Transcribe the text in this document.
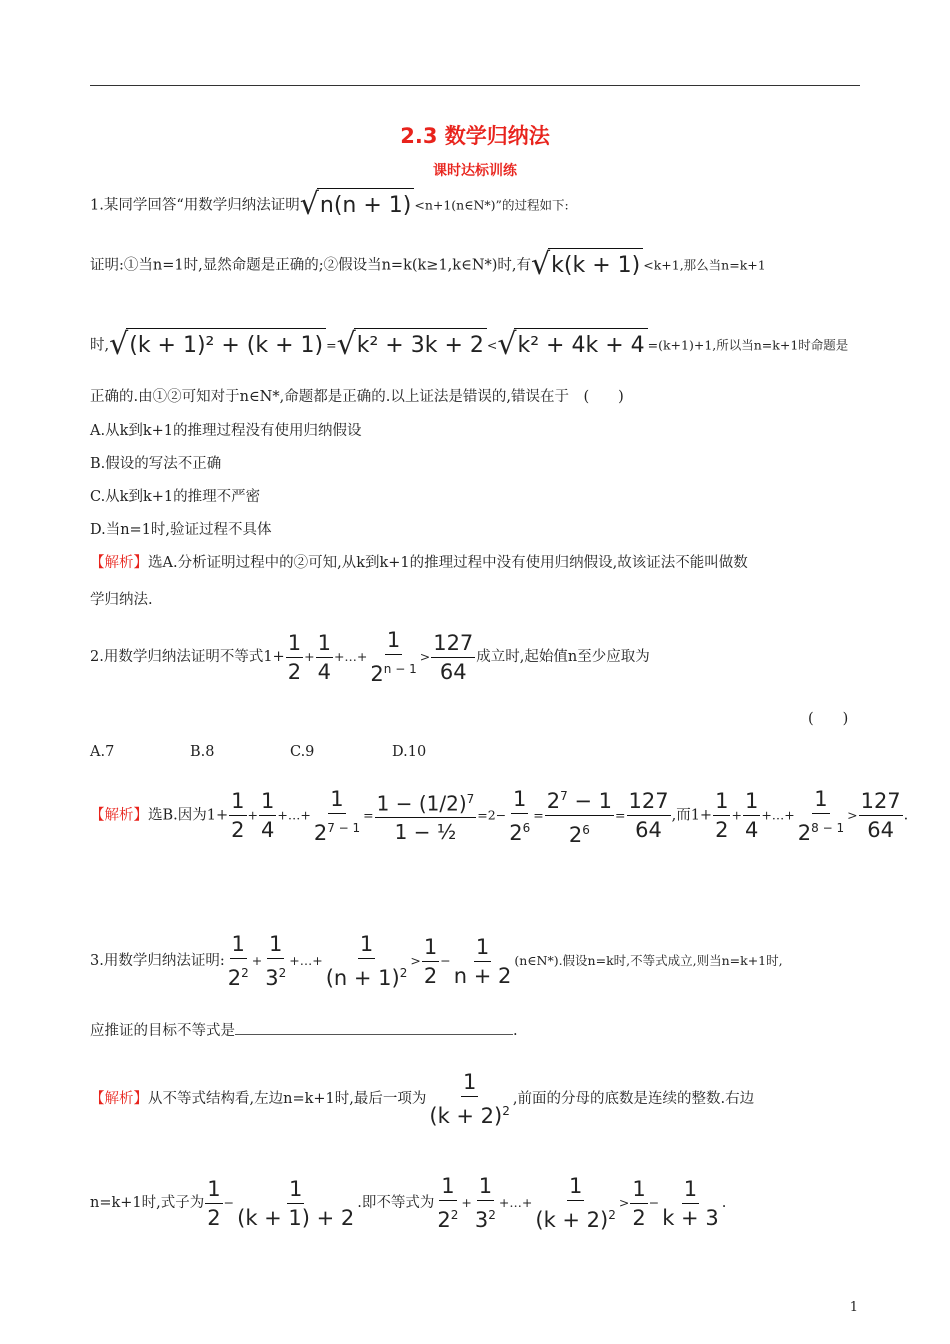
2.3 数学归纳法
课时达标训练
1.某同学回答“用数学归纳法证明 √ n(n + 1) <n+1(n∈N*)”的过程如下:
证明:①当n=1时,显然命题是正确的;②假设当n=k(k≥1,k∈N*)时,有 √ k(k + 1) <k+1,那么当n=k+1
时, √ (k + 1)² + (k + 1) = √ k² + 3k + 2 < √ k² + 4k + 4 =(k+1)+1,所以当n=k+1时命题是
正确的.由①②可知对于n∈N*,命题都是正确的.以上证法是错误的,错误在于　(　　)
A.从k到k+1的推理过程没有使用归纳假设
B.假设的写法不正确
C.从k到k+1的推理不严密
D.当n=1时,验证过程不具体
【解析】选A.分析证明过程中的②可知,从k到k+1的推理过程中没有使用归纳假设,故该证法不能叫做数
学归纳法.
2.用数学归纳法证明不等式$1+ \frac{1}{2} + \frac{1}{4}$ +…+ $\frac{1}{2^{n - 1}} > \frac{127}{64}$ 成立时,起始值n至少应取为
(　　)
A.7	B.8	C.9	D.10
【解析】选B.因为$1+ \frac{1}{2} + \frac{1}{4}$ +…+ $\frac{1}{2^{7 - 1}} = \frac{1 - (1/2)^7}{\text{1 − ½}} =2- \frac{1}{2^6} = \frac{2^7 - 1}{2^6} = \frac{127}{64}$ ,而$1+ \frac{1}{2} + \frac{1}{4}$ +…+ $\frac{1}{2^{8 - 1}} > \frac{127}{64}$ .
3.用数学归纳法证明: $\frac{1}{2^2} + \frac{1}{3^2}$ +…+ $\frac{1}{(n + 1)^2} > \frac{1}{2} - \frac{1}{n + 2}$ (n∈N*).假设n=k时,不等式成立,则当n=k+1时,
应推证的目标不等式是	.
【解析】从不等式结构看,左边n=k+1时,最后一项为 $\frac{1}{(k + 2)^2}$ ,前面的分母的底数是连续的整数.右边
n=k+1时,式子为 $\frac{1}{2} - \frac{1}{(k + 1) + 2}$ .即不等式为 $\frac{1}{2^2} + \frac{1}{3^2}$ +…+ $\frac{1}{(k + 2)^2} > \frac{1}{2} - \frac{1}{k + 3}$ .
1
